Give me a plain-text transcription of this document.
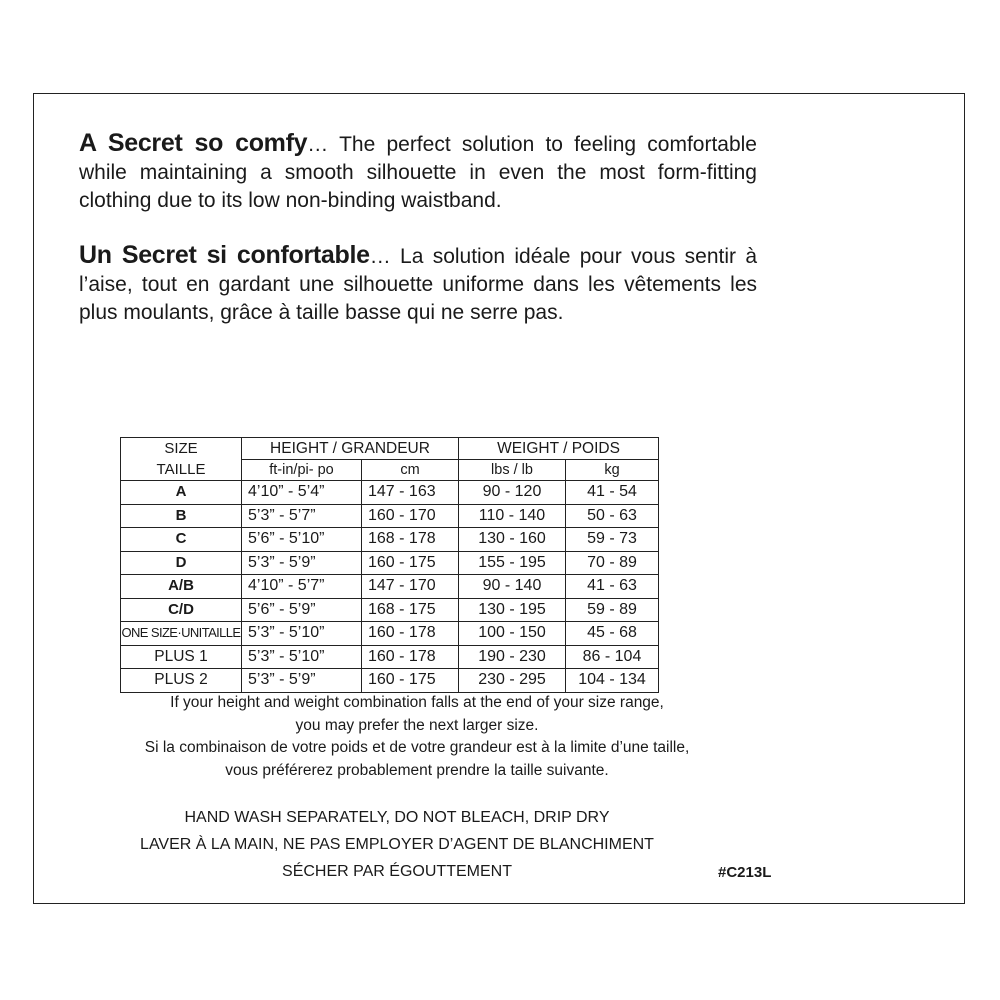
A Secret so comfy… The perfect solution to feeling comfortable while maintaining a smooth silhouette in even the most form-fitting clothing due to its low non-binding waistband.

Un Secret si confortable… La solution idéale pour vous sentir à l’aise, tout en gardant une silhouette uniforme dans les vêtements les plus moulants, grâce à taille basse qui ne serre pas.

SIZE
TAILLE	HEIGHT / GRANDEUR		WEIGHT / POIDS	
	ft-in/pi- po	cm	lbs / lb	kg
A	4’10” - 5’4”	147 - 163	90 - 120	41 - 54
B	5’3” - 5’7”	160 - 170	110 - 140	50 - 63
C	5’6” - 5’10”	168 - 178	130 - 160	59 - 73
D	5’3” - 5’9”	160 - 175	155 - 195	70 - 89
A/B	4’10” - 5’7”	147 - 170	90 - 140	41 - 63
C/D	5’6” - 5’9”	168 - 175	130 - 195	59 - 89
ONE SIZE·UNITAILLE	5’3” - 5’10”	160 - 178	100 - 150	45 - 68
PLUS 1	5’3” - 5’10”	160 - 178	190 - 230	86 - 104
PLUS 2	5’3” - 5’9”	160 - 175	230 - 295	104 - 134
If your height and weight combination falls at the end of your size range,
you may prefer the next larger size.
Si la combinaison de votre poids et de votre grandeur est à la limite d’une taille,
vous préférerez probablement prendre la taille suivante.
HAND WASH SEPARATELY, DO NOT BLEACH, DRIP DRY
LAVER À LA MAIN, NE PAS EMPLOYER D’AGENT DE BLANCHIMENT
SÉCHER PAR ÉGOUTTEMENT	#C213L
